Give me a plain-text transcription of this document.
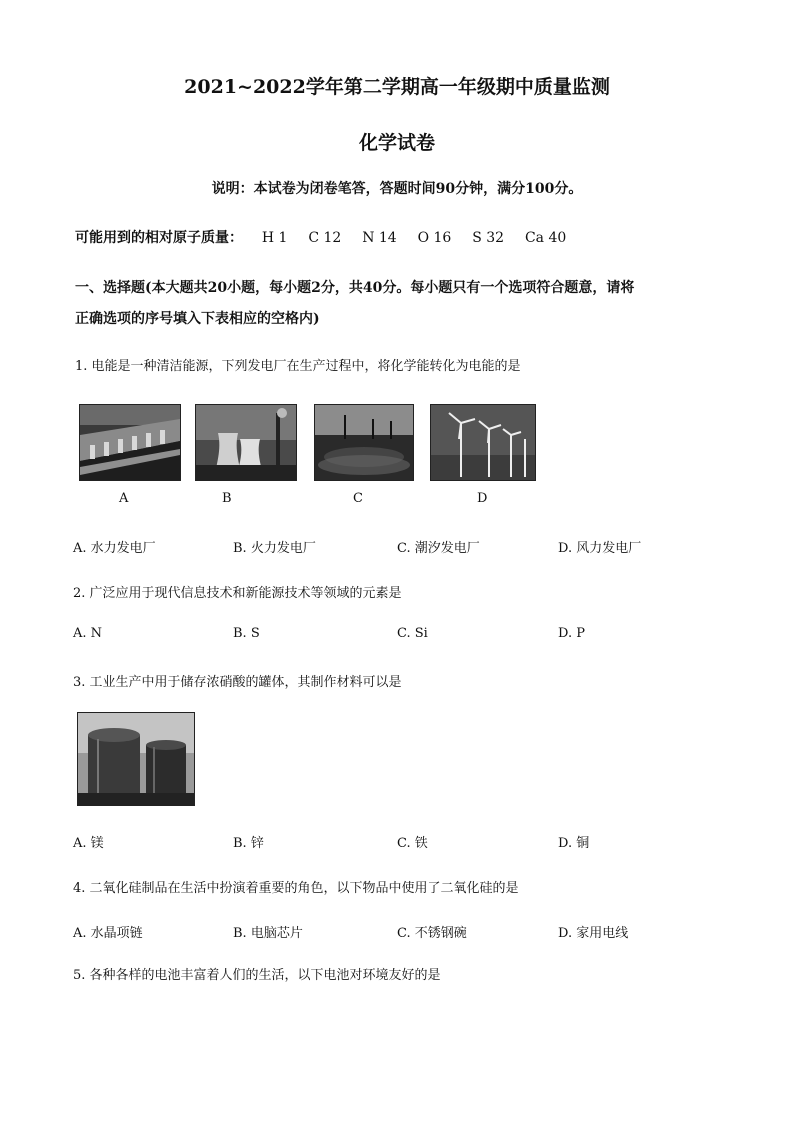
2021~2022学年第二学期高一年级期中质量监测
化学试卷
说明：本试卷为闭卷笔答，答题时间90分钟，满分100分。
可能用到的相对原子质量： H 1 C 12 N 14 O 16 S 32 Ca 40
一、选择题(本大题共20小题，每小题2分，共40分。每小题只有一个选项符合题意，请将
正确选项的序号填入下表相应的空格内)
1. 电能是一种清洁能源，下列发电厂在生产过程中，将化学能转化为电能的是
A	B	C	D
A. 水力发电厂	B. 火力发电厂	C. 潮汐发电厂	D. 风力发电厂
2. 广泛应用于现代信息技术和新能源技术等领域的元素是
A. N	B. S	C. Si	D. P
3. 工业生产中用于储存浓硝酸的罐体，其制作材料可以是
A. 镁	B. 锌	C. 铁	D. 铜
4. 二氧化硅制品在生活中扮演着重要的角色，以下物品中使用了二氧化硅的是
A. 水晶项链	B. 电脑芯片	C. 不锈钢碗	D. 家用电线
5. 各种各样的电池丰富着人们的生活，以下电池对环境友好的是
